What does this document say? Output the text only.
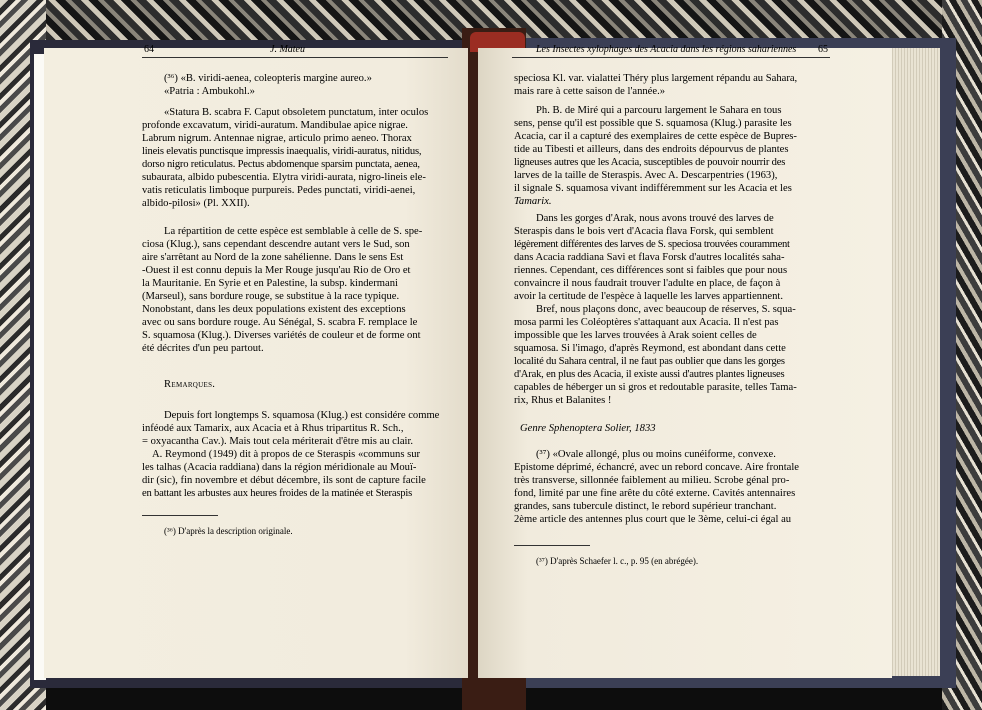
64	J. Mateu
(³⁶) «B. viridi-aenea, coleopteris margine aureo.»
«Patria : Ambukohl.»
«Statura B. scabra F. Caput obsoletem punctatum, inter oculos
profonde excavatum, viridi-auratum. Mandibulae apice nigrae.
Labrum nigrum. Antennae nigrae, articulo primo aeneo. Thorax
lineis elevatis punctisque impressis inaequalis, viridi-auratus, nitidus,
dorso nigro reticulatus. Pectus abdomenque sparsim punctata, aenea,
subaurata, albido pubescentia. Elytra viridi-aurata, nigro-lineis ele-
vatis reticulatis limboque purpureis. Pedes punctati, viridi-aenei,
albido-pilosi» (Pl. XXII).
La répartition de cette espèce est semblable à celle de S. spe-
ciosa (Klug.), sans cependant descendre autant vers le Sud, son
aire s'arrêtant au Nord de la zone sahélienne. Dans le sens Est
-Ouest il est connu depuis la Mer Rouge jusqu'au Rio de Oro et
la Mauritanie. En Syrie et en Palestine, la subsp. kindermani
(Marseul), sans bordure rouge, se substitue à la race typique.
Nonobstant, dans les deux populations existent des exceptions
avec ou sans bordure rouge. Au Sénégal, S. scabra F. remplace le
S. squamosa (Klug.). Diverses variétés de couleur et de forme ont
été décrites d'un peu partout.
Remarques.
Depuis fort longtemps S. squamosa (Klug.) est considére comme
inféodé aux Tamarix, aux Acacia et à Rhus tripartitus R. Sch.,
= oxyacantha Cav.). Mais tout cela mériterait d'être mis au clair.
A. Reymond (1949) dit à propos de ce Steraspis «communs sur
les talhas (Acacia raddiana) dans la région méridionale au Mouï-
dir (sic), fin novembre et début décembre, ils sont de capture facile
en battant les arbustes aux heures froides de la matinée et Steraspis
(³⁶) D'après la description originale.
Les Insectes xylophages des Acacia dans les régions sahariennes 65
speciosa Kl. var. vialattei Théry plus largement répandu au Sahara,
mais rare à cette saison de l'année.»
Ph. B. de Miré qui a parcouru largement le Sahara en tous
sens, pense qu'il est possible que S. squamosa (Klug.) parasite les
Acacia, car il a capturé des exemplaires de cette espèce de Bupres-
tide au Tibesti et ailleurs, dans des endroits dépourvus de plantes
ligneuses autres que les Acacia, susceptibles de pouvoir nourrir des
larves de la taille de Steraspis. Avec A. Descarpentries (1963),
il signale S. squamosa vivant indifféremment sur les Acacia et les
Tamarix.
Dans les gorges d'Arak, nous avons trouvé des larves de
Steraspis dans le bois vert d'Acacia flava Forsk, qui semblent
légèrement différentes des larves de S. speciosa trouvées couramment
dans Acacia raddiana Savi et flava Forsk d'autres localités saha-
riennes. Cependant, ces différences sont si faibles que pour nous
convaincre il nous faudrait trouver l'adulte en place, de façon à
avoir la certitude de l'espèce à laquelle les larves appartiennent.
Bref, nous plaçons donc, avec beaucoup de réserves, S. squa-
mosa parmi les Coléoptères s'attaquant aux Acacia. Il n'est pas
impossible que les larves trouvées à Arak soient celles de
squamosa. Si l'imago, d'après Reymond, est abondant dans cette
localité du Sahara central, il ne faut pas oublier que dans les gorges
d'Arak, en plus des Acacia, il existe aussi d'autres plantes ligneuses
capables de héberger un si gros et redoutable parasite, telles Tama-
rix, Rhus et Balanites !
Genre Sphenoptera Solier, 1833
(³⁷) «Ovale allongé, plus ou moins cunéiforme, convexe.
Epistome déprimé, échancré, avec un rebord concave. Aire frontale
très transverse, sillonnée faiblement au milieu. Scrobe génal pro-
fond, limité par une fine arête du côté externe. Cavités antennaires
grandes, sans tubercule distinct, le rebord supérieur tranchant.
2ème article des antennes plus court que le 3ème, celui-ci égal au
(³⁷) D'après Schaefer l. c., p. 95 (en abrégée).
